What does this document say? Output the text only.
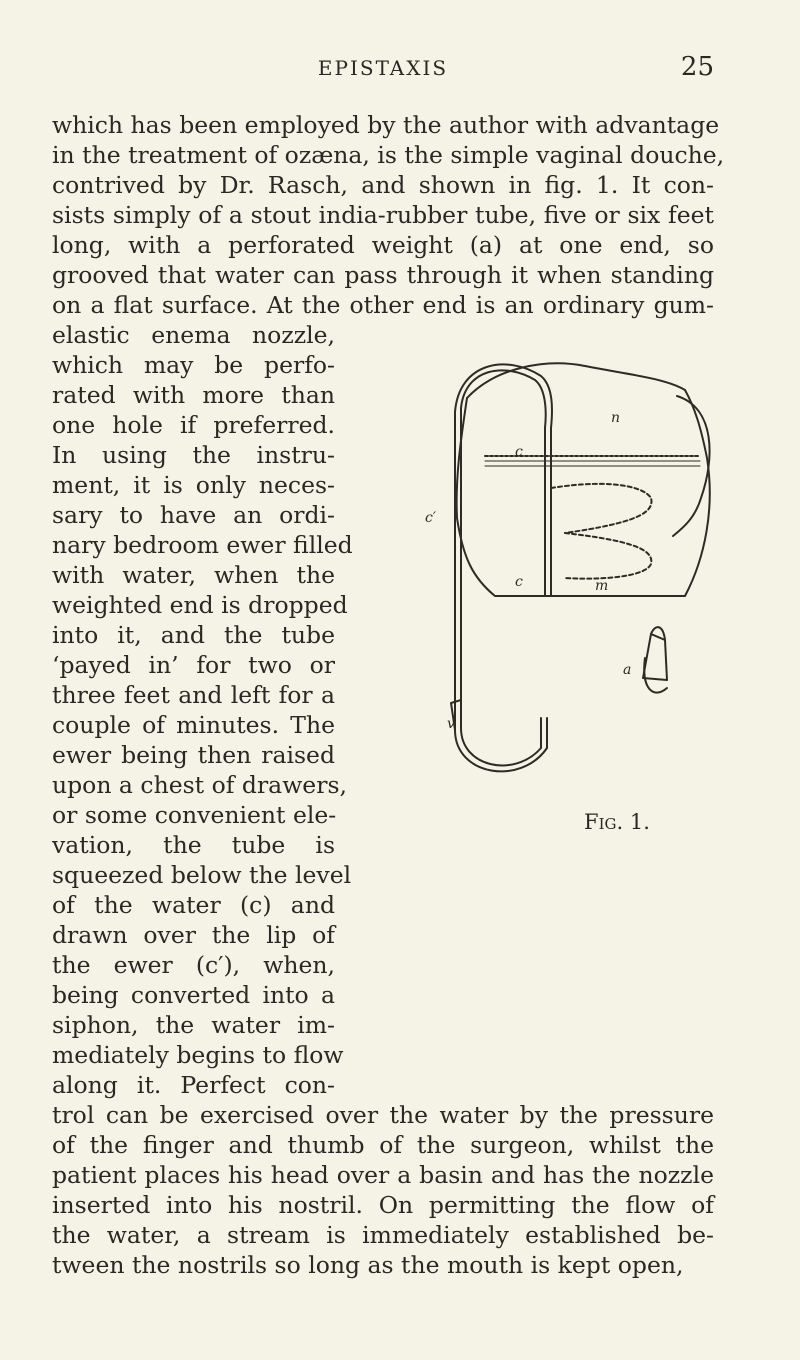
EPISTAXIS	25
which has been employed by the author with advantage
in the treatment of ozæna, is the simple vaginal douche,
contrived by Dr. Rasch, and shown in fig. 1. It con-
sists simply of a stout india-rubber tube, five or six feet
long, with a perforated weight (a) at one end, so
grooved that water can pass through it when standing
on a flat surface. At the other end is an ordinary gum-
elastic enema nozzle,
which may be perfo-
rated with more than
one hole if preferred.
In using the instru-
ment, it is only neces-
sary to have an ordi-
nary bedroom ewer filled
with water, when the
weighted end is dropped
into it, and the tube
‘payed in’ for two or
three feet and left for a
couple of minutes. The
ewer being then raised
upon a chest of drawers,
or some convenient ele-
vation, the tube is
squeezed below the level
of the water (c) and
drawn over the lip of
the ewer (c′), when,
being converted into a
siphon, the water im-
mediately begins to flow
along it. Perfect con-
trol can be exercised over the water by the pressure
of the finger and thumb of the surgeon, whilst the
patient places his head over a basin and has the nozzle
inserted into his nostril. On permitting the flow of
the water, a stream is immediately established be-
tween the nostrils so long as the mouth is kept open,
c′
c
c
n
m
a
v
Fig. 1.
